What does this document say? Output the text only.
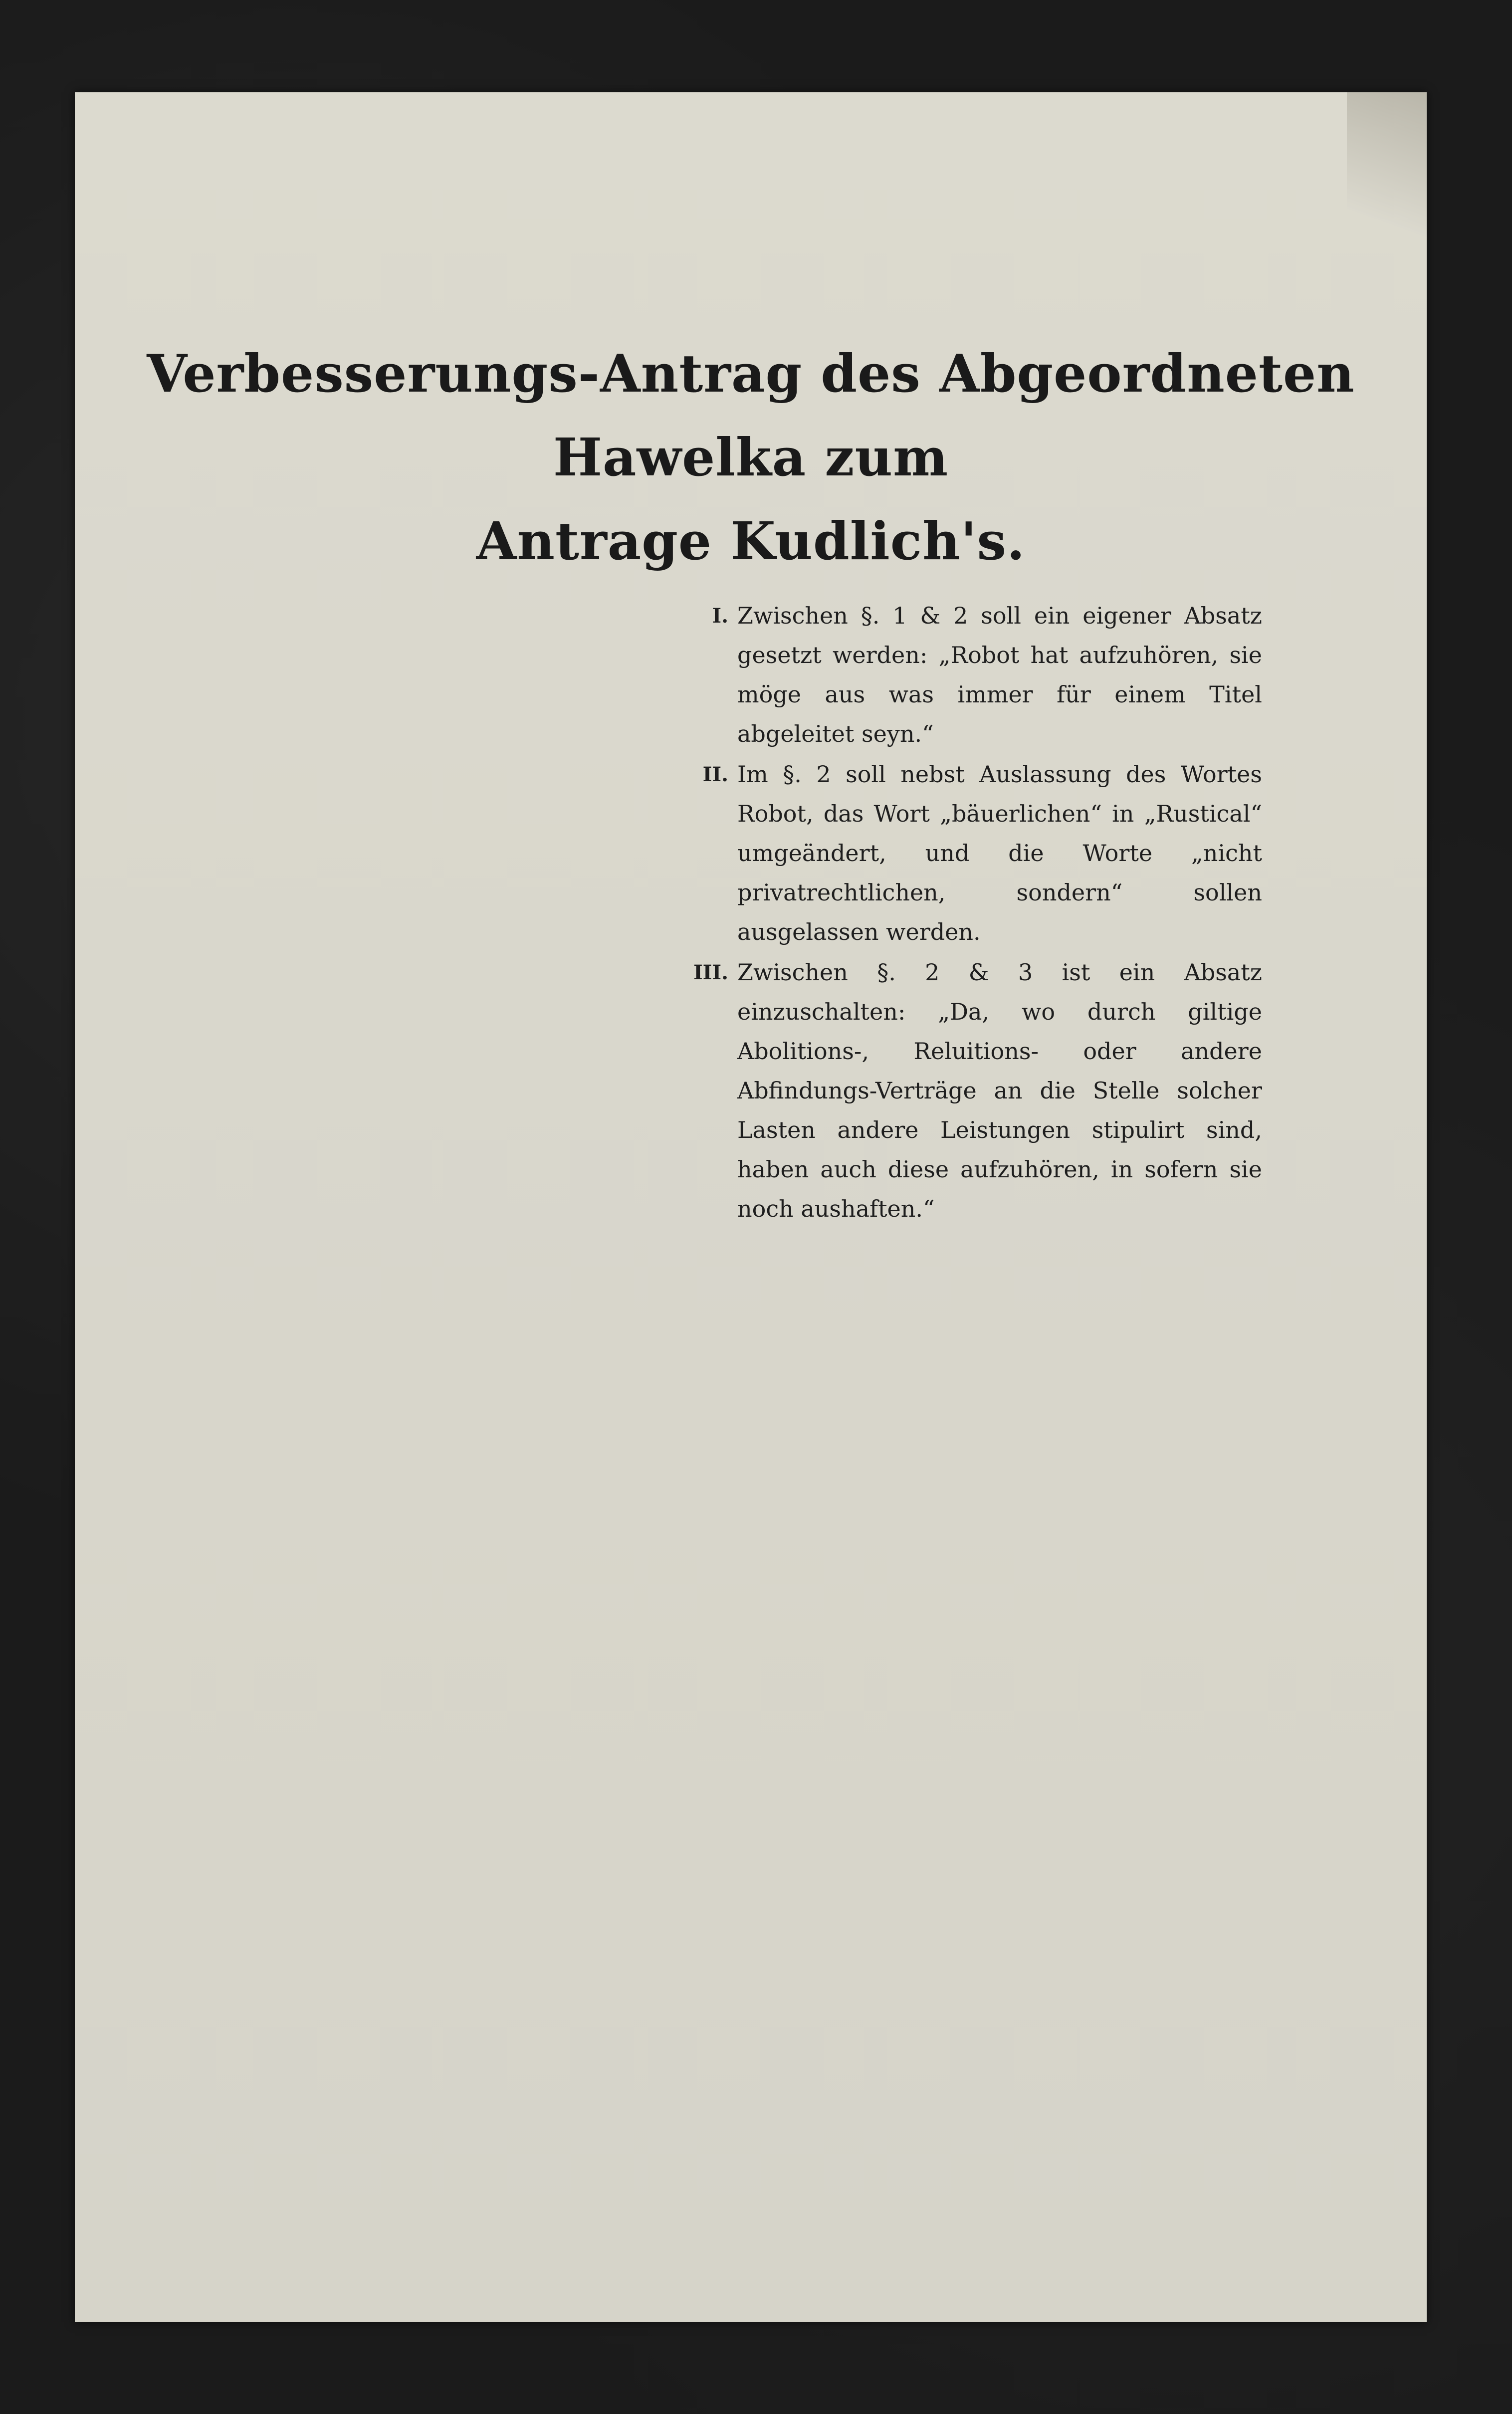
Verbesserungs-Antrag des Abgeordneten Hawelka zum
Antrage Kudlich's.
I. Zwischen §. 1 & 2 soll ein eigener Absatz gesetzt werden: „Robot hat aufzuhören, sie möge aus was immer für einem Titel abgeleitet seyn.“
II. Im §. 2 soll nebst Auslassung des Wortes Robot, das Wort „bäuerlichen“ in „Rustical“ umgeändert, und die Worte „nicht privatrechtlichen, sondern“ sollen ausgelassen werden.
III. Zwischen §. 2 & 3 ist ein Absatz einzuschalten: „Da, wo durch giltige Abolitions-, Reluitions- oder andere Abfindungs-Verträge an die Stelle solcher Lasten andere Leistungen stipulirt sind, haben auch diese aufzuhören, in sofern sie noch aushaften.“
